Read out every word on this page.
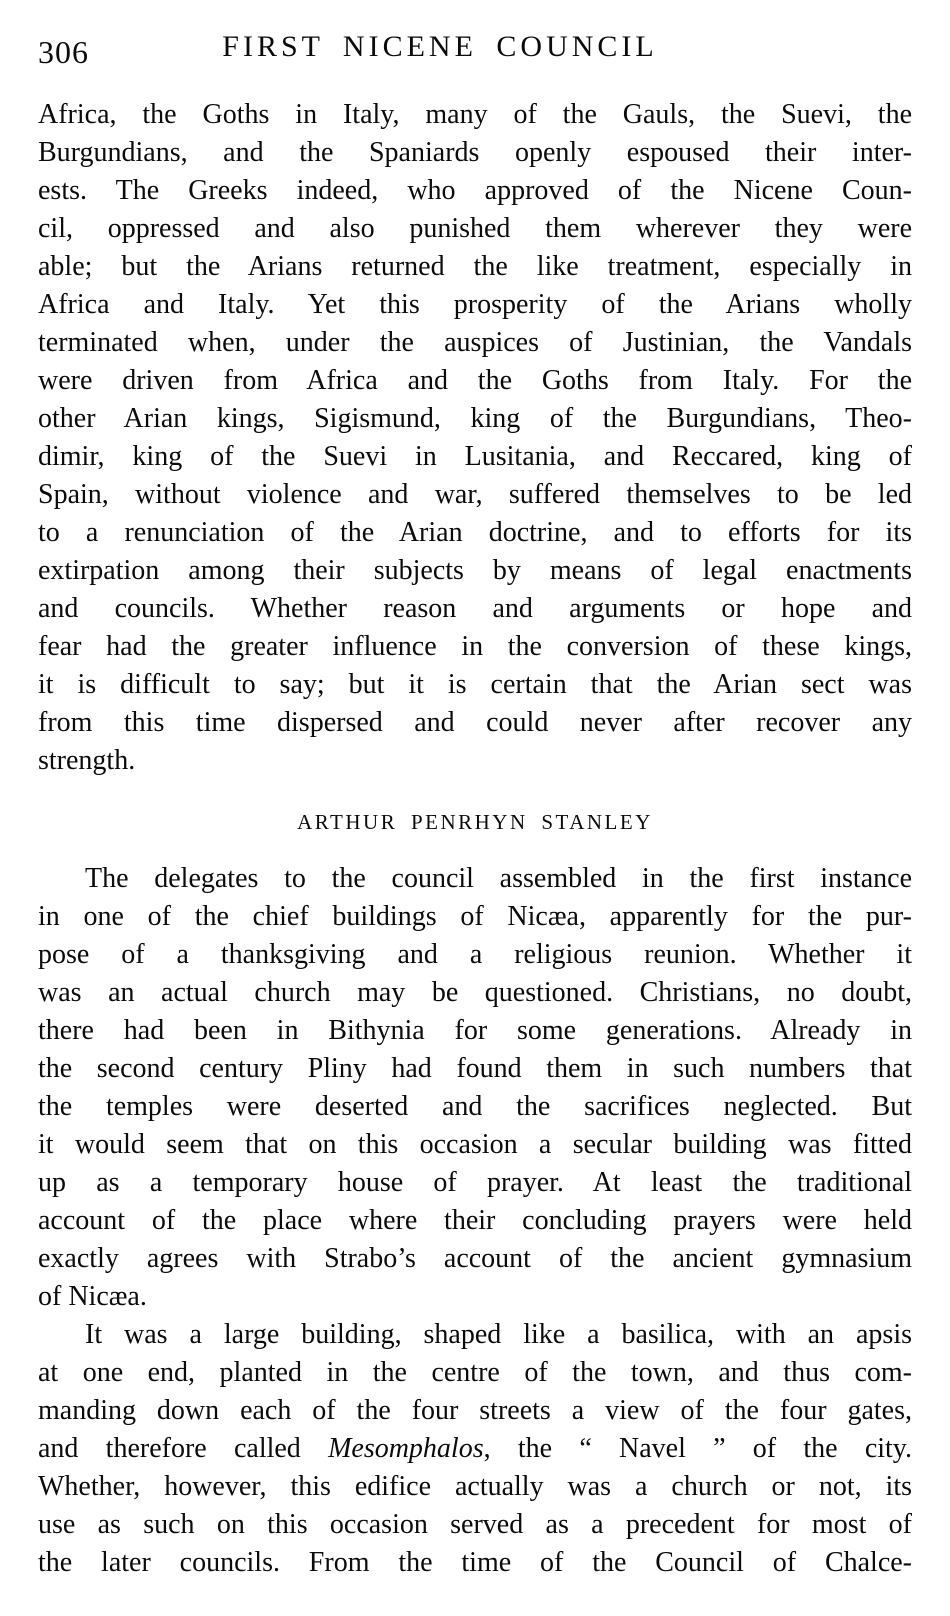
306	FIRST NICENE COUNCIL
Africa, the Goths in Italy, many of the Gauls, the Suevi, the
Burgundians, and the Spaniards openly espoused their inter-
ests. The Greeks indeed, who approved of the Nicene Coun-
cil, oppressed and also punished them wherever they were
able; but the Arians returned the like treatment, especially in
Africa and Italy. Yet this prosperity of the Arians wholly
terminated when, under the auspices of Justinian, the Vandals
were driven from Africa and the Goths from Italy. For the
other Arian kings, Sigismund, king of the Burgundians, Theo-
dimir, king of the Suevi in Lusitania, and Reccared, king of
Spain, without violence and war, suffered themselves to be led
to a renunciation of the Arian doctrine, and to efforts for its
extirpation among their subjects by means of legal enactments
and councils. Whether reason and arguments or hope and
fear had the greater influence in the conversion of these kings,
it is difficult to say; but it is certain that the Arian sect was
from this time dispersed and could never after recover any
strength.
ARTHUR PENRHYN STANLEY
The delegates to the council assembled in the first instance
in one of the chief buildings of Nicæa, apparently for the pur-
pose of a thanksgiving and a religious reunion. Whether it
was an actual church may be questioned. Christians, no doubt,
there had been in Bithynia for some generations. Already in
the second century Pliny had found them in such numbers that
the temples were deserted and the sacrifices neglected. But
it would seem that on this occasion a secular building was fitted
up as a temporary house of prayer. At least the traditional
account of the place where their concluding prayers were held
exactly agrees with Strabo’s account of the ancient gymnasium
of Nicæa.
It was a large building, shaped like a basilica, with an apsis
at one end, planted in the centre of the town, and thus com-
manding down each of the four streets a view of the four gates,
and therefore called Mesomphalos, the “ Navel ” of the city.
Whether, however, this edifice actually was a church or not, its
use as such on this occasion served as a precedent for most of
the later councils. From the time of the Council of Chalce-
